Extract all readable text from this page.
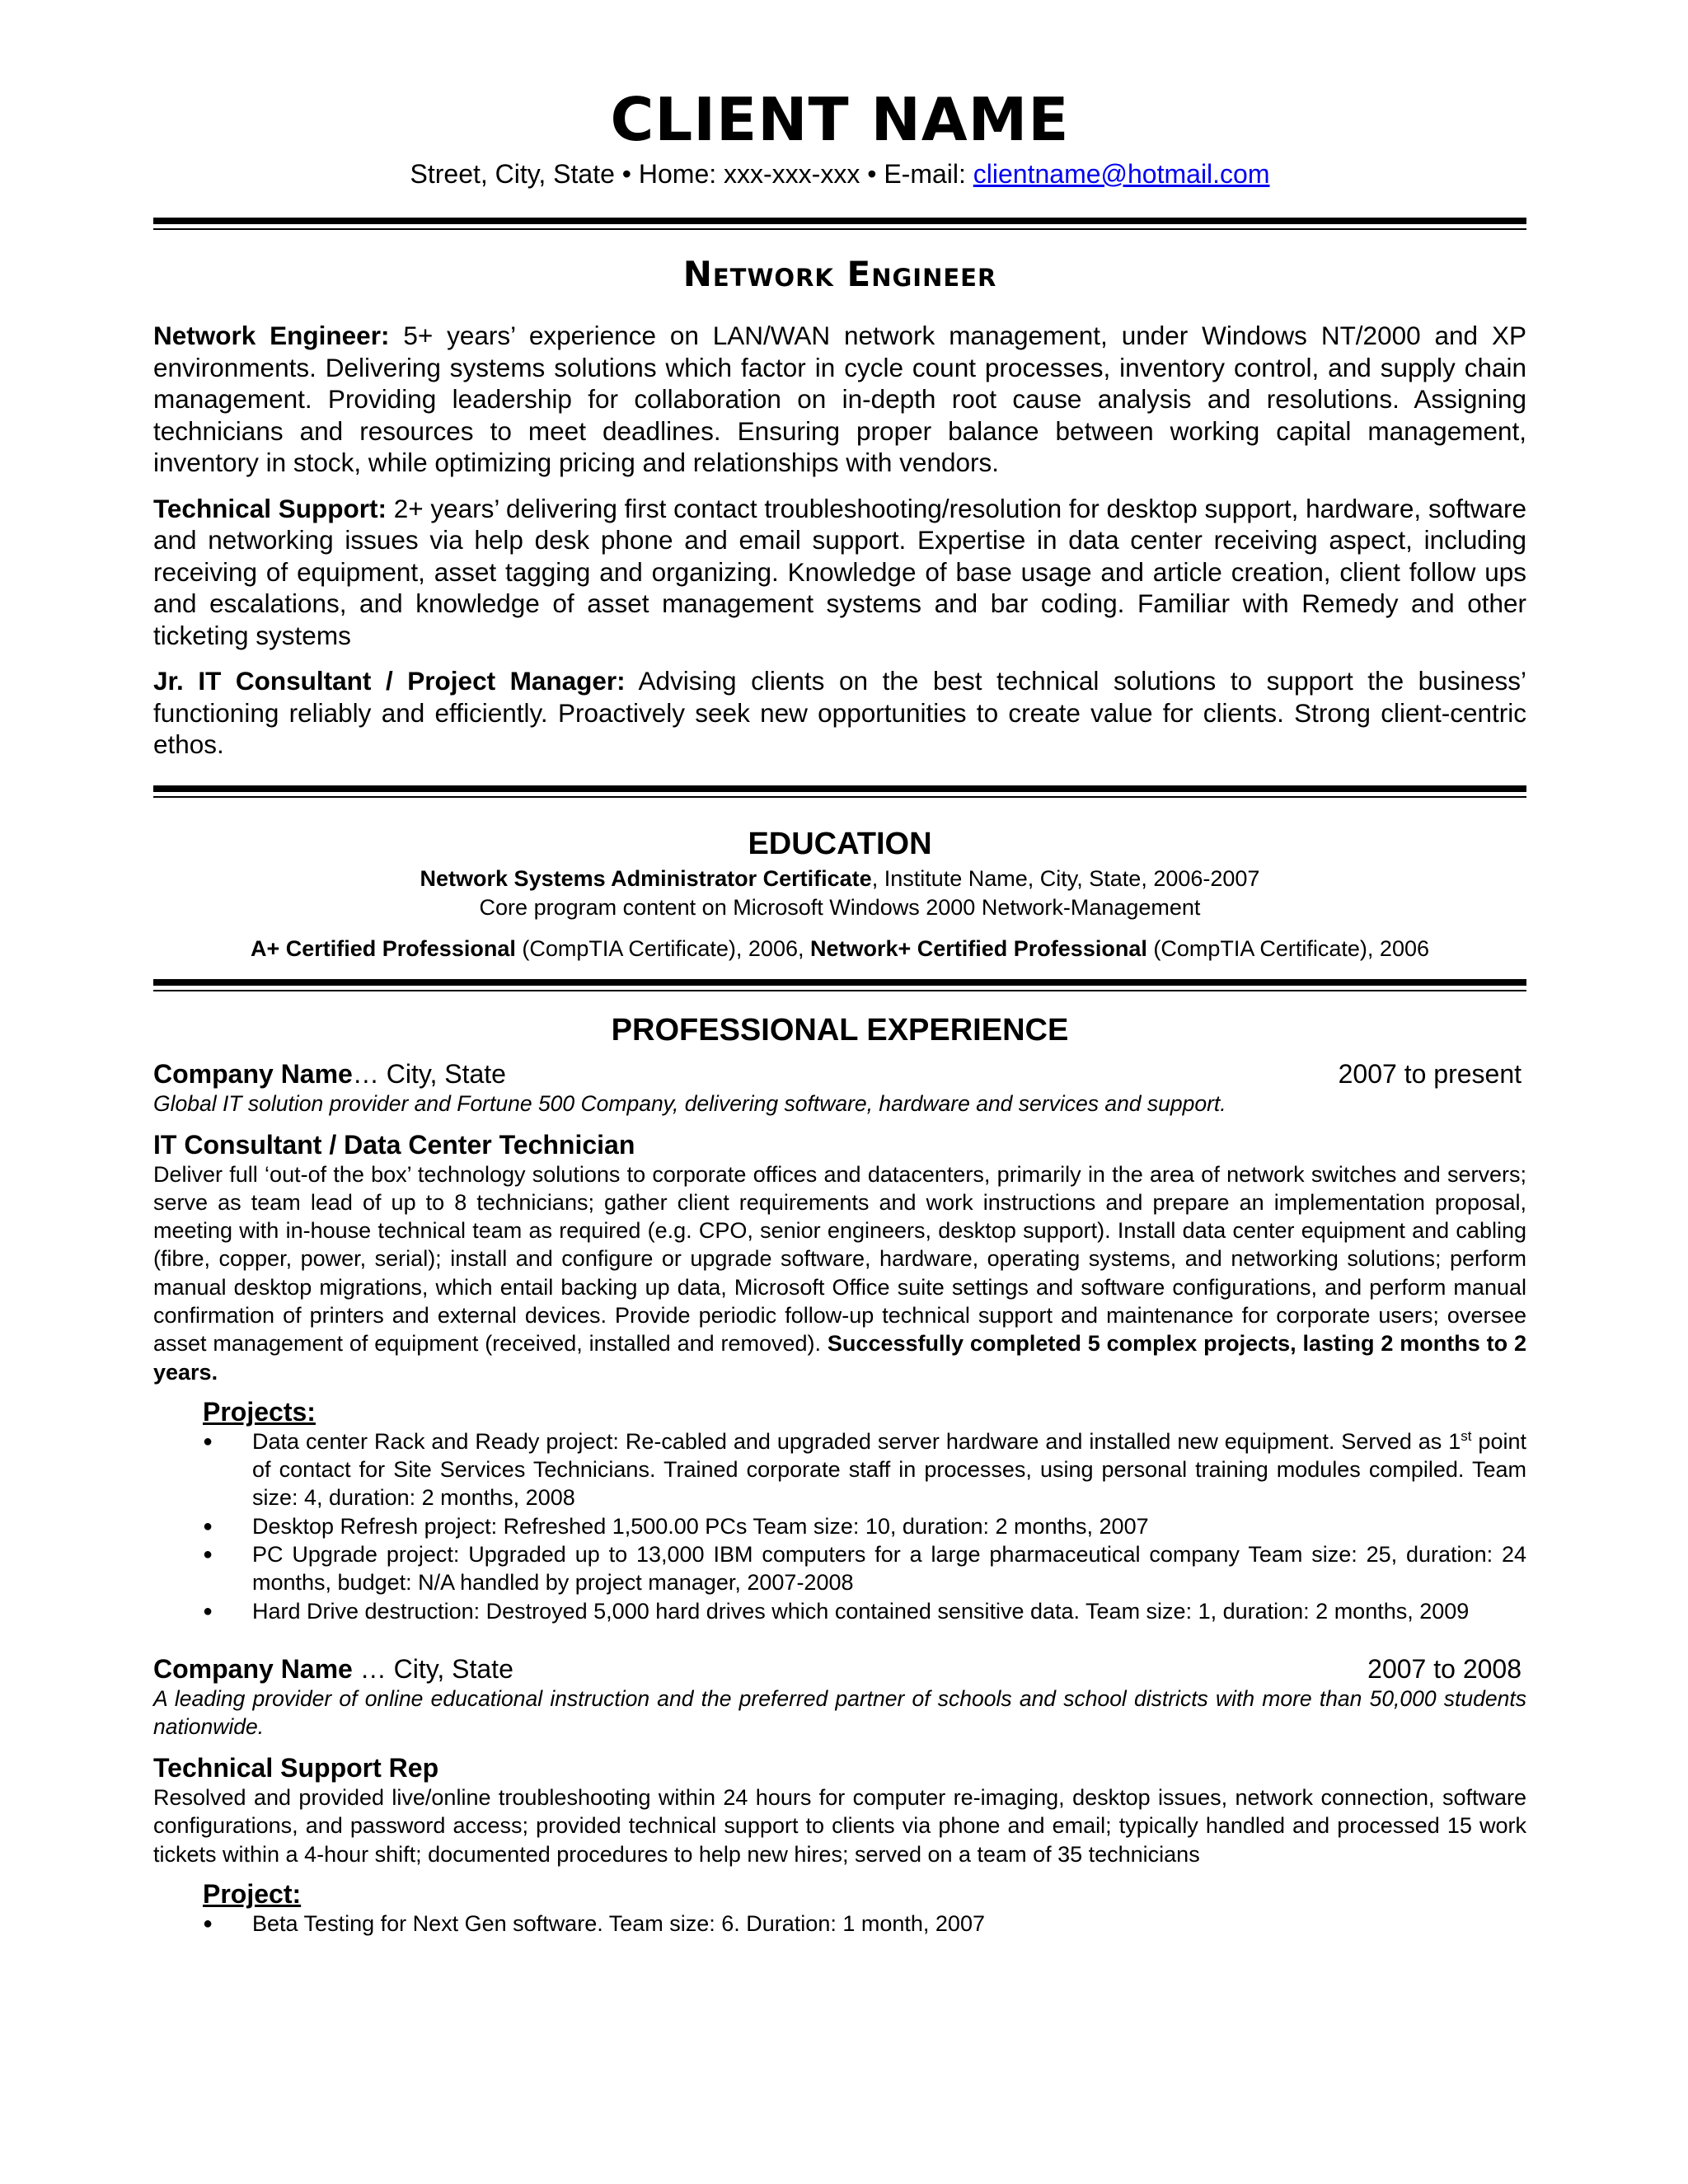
CLIENT NAME
Street, City, State • Home: xxx-xxx-xxx • E-mail: clientname@hotmail.com
Network Engineer

Network Engineer: 5+ years’ experience on LAN/WAN network management, under Windows NT/2000 and XP environments. Delivering systems solutions which factor in cycle count processes, inventory control, and supply chain management. Providing leadership for collaboration on in-depth root cause analysis and resolutions. Assigning technicians and resources to meet deadlines. Ensuring proper balance between working capital management, inventory in stock, while optimizing pricing and relationships with vendors.

Technical Support: 2+ years’ delivering first contact troubleshooting/resolution for desktop support, hardware, software and networking issues via help desk phone and email support. Expertise in data center receiving aspect, including receiving of equipment, asset tagging and organizing. Knowledge of base usage and article creation, client follow ups and escalations, and knowledge of asset management systems and bar coding. Familiar with Remedy and other ticketing systems

Jr. IT Consultant / Project Manager: Advising clients on the best technical solutions to support the business’ functioning reliably and efficiently. Proactively seek new opportunities to create value for clients. Strong client-centric ethos.

EDUCATION
Network Systems Administrator Certificate, Institute Name, City, State, 2006-2007
Core program content on Microsoft Windows 2000 Network-Management
A+ Certified Professional (CompTIA Certificate), 2006, Network+ Certified Professional (CompTIA Certificate), 2006
PROFESSIONAL EXPERIENCE
Company Name… City, State	2007 to present
Global IT solution provider and Fortune 500 Company, delivering software, hardware and services and support.
IT Consultant / Data Center Technician
Deliver full ‘out-of the box’ technology solutions to corporate offices and datacenters, primarily in the area of network switches and servers; serve as team lead of up to 8 technicians; gather client requirements and work instructions and prepare an implementation proposal, meeting with in-house technical team as required (e.g. CPO, senior engineers, desktop support). Install data center equipment and cabling (fibre, copper, power, serial); install and configure or upgrade software, hardware, operating systems, and networking solutions; perform manual desktop migrations, which entail backing up data, Microsoft Office suite settings and software configurations, and perform manual confirmation of printers and external devices. Provide periodic follow-up technical support and maintenance for corporate users; oversee asset management of equipment (received, installed and removed). Successfully completed 5 complex projects, lasting 2 months to 2 years.
Projects:
● Data center Rack and Ready project: Re-cabled and upgraded server hardware and installed new equipment. Served as 1st point of contact for Site Services Technicians. Trained corporate staff in processes, using personal training modules compiled. Team size: 4, duration: 2 months, 2008
● Desktop Refresh project: Refreshed 1,500.00 PCs Team size: 10, duration: 2 months, 2007
● PC Upgrade project: Upgraded up to 13,000 IBM computers for a large pharmaceutical company Team size: 25, duration: 24 months, budget: N/A handled by project manager, 2007-2008
● Hard Drive destruction: Destroyed 5,000 hard drives which contained sensitive data. Team size: 1, duration: 2 months, 2009
Company Name … City, State	2007 to 2008
A leading provider of online educational instruction and the preferred partner of schools and school districts with more than 50,000 students nationwide.
Technical Support Rep
Resolved and provided live/online troubleshooting within 24 hours for computer re-imaging, desktop issues, network connection, software configurations, and password access; provided technical support to clients via phone and email; typically handled and processed 15 work tickets within a 4-hour shift; documented procedures to help new hires; served on a team of 35 technicians
Project:
● Beta Testing for Next Gen software. Team size: 6. Duration: 1 month, 2007
